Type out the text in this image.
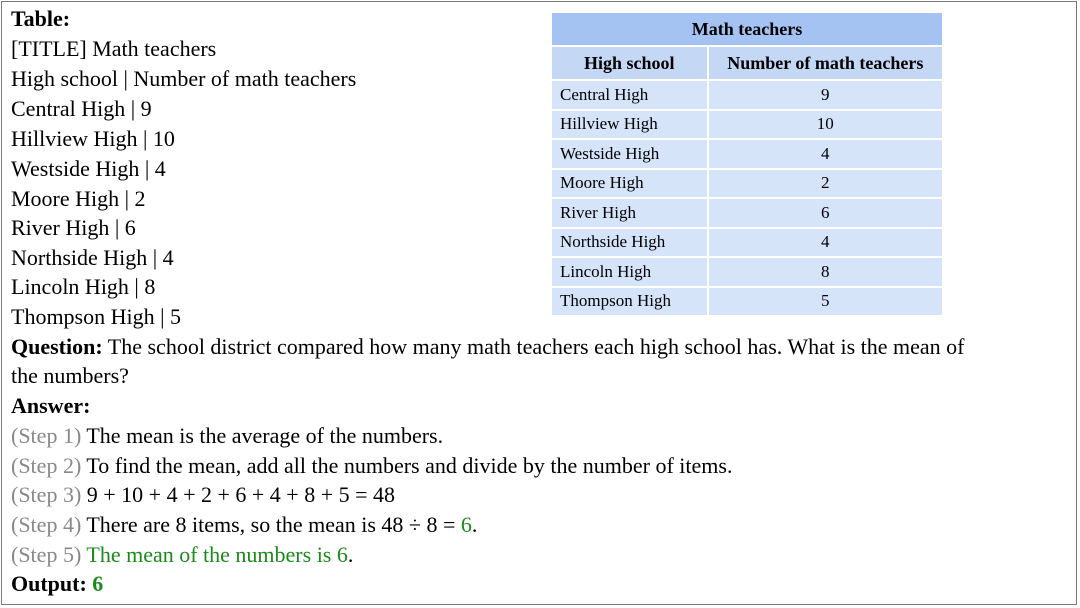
Table:
[TITLE] Math teachers
High school | Number of math teachers
Central High | 9
Hillview High | 10
Westside High | 4
Moore High | 2
River High | 6
Northside High | 4
Lincoln High | 8
Thompson High | 5
Math teachers	
High school	Number of math teachers
Central High	9
Hillview High	10
Westside High	4
Moore High	2
River High	6
Northside High	4
Lincoln High	8
Thompson High	5
Question: The school district compared how many math teachers each high school has. What is the mean of
the numbers?
Answer:
(Step 1) The mean is the average of the numbers.
(Step 2) To find the mean, add all the numbers and divide by the number of items.
(Step 3) 9 + 10 + 4 + 2 + 6 + 4 + 8 + 5 = 48
(Step 4) There are 8 items, so the mean is 48 ÷ 8 = 6.
(Step 5) The mean of the numbers is 6.
Output: 6
